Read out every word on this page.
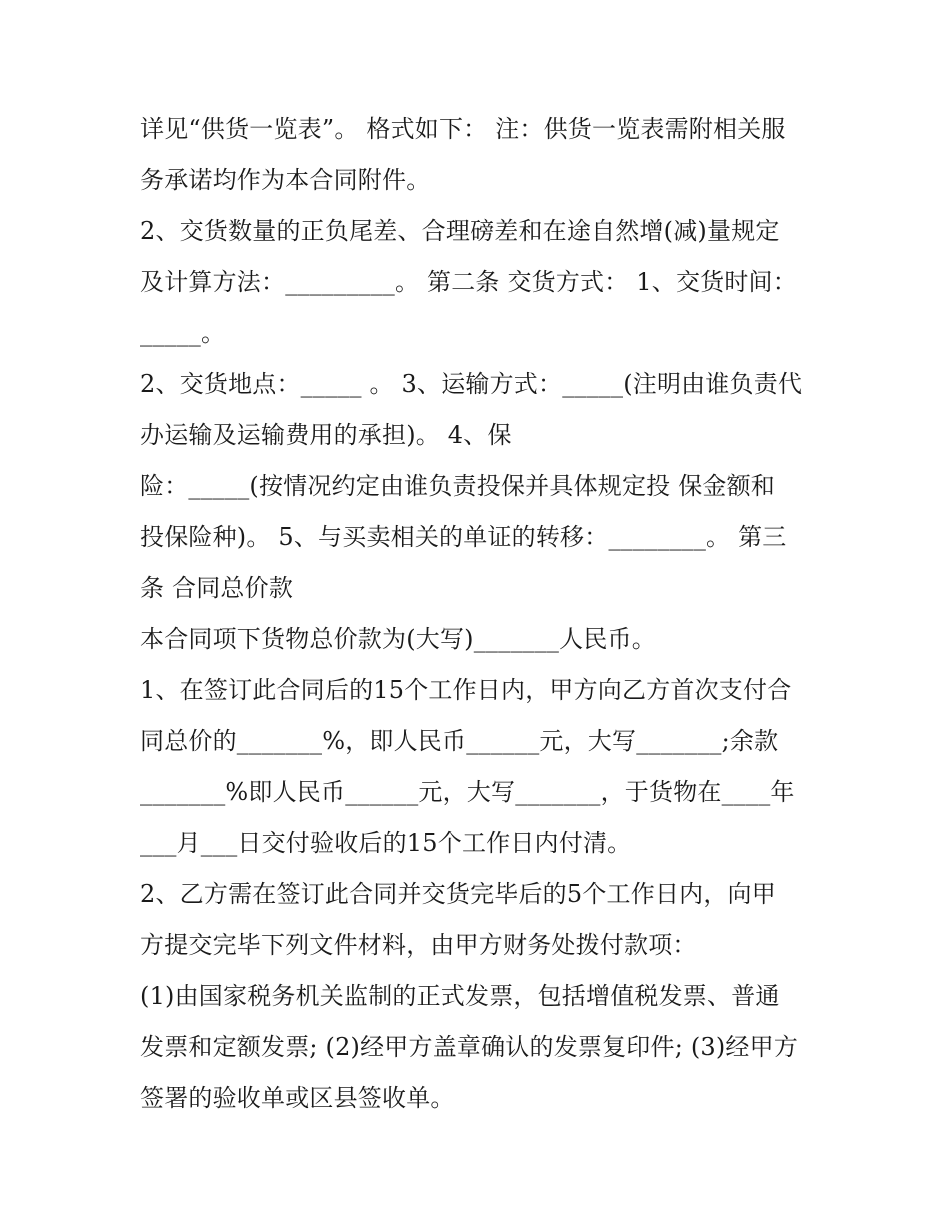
详见“供货一览表”。 格式如下： 注：供货一览表需附相关服
务承诺均作为本合同附件。
2、交货数量的正负尾差、合理磅差和在途自然增(减)量规定
及计算方法：_________。 第二条 交货方式： 1、交货时间：
_____。
2、交货地点：_____ 。 3、运输方式：_____(注明由谁负责代
办运输及运输费用的承担)。 4、保
险：_____(按情况约定由谁负责投保并具体规定投 保金额和
投保险种)。 5、与买卖相关的单证的转移：________。 第三
条 合同总价款
本合同项下货物总价款为(大写)_______人民币。
1、在签订此合同后的15个工作日内，甲方向乙方首次支付合
同总价的_______%，即人民币______元，大写_______;余款
_______%即人民币______元，大写_______，于货物在____年
___月___日交付验收后的15个工作日内付清。
2、乙方需在签订此合同并交货完毕后的5个工作日内，向甲
方提交完毕下列文件材料，由甲方财务处拨付款项：
(1)由国家税务机关监制的正式发票，包括增值税发票、普通
发票和定额发票; (2)经甲方盖章确认的发票复印件; (3)经甲方
签署的验收单或区县签收单。
